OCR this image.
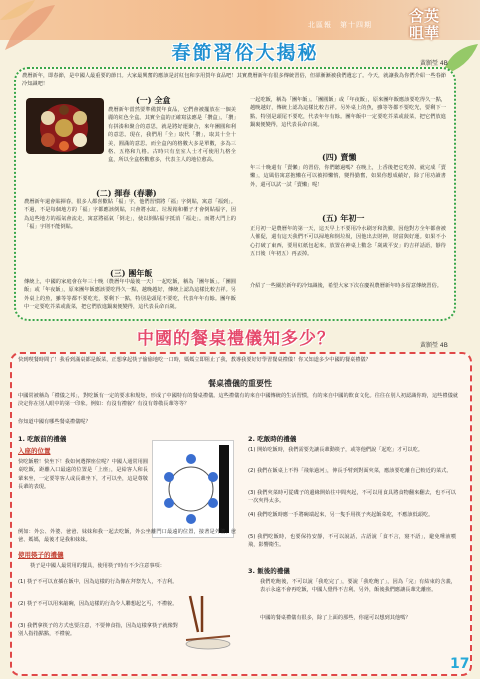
北區報　第十四期	含英
咀華
春節習俗大揭秘	黃顥瑩 4B

農曆新年，即春節，是中國人最重要的節日。大家最興奮的應該是討紅包和享用賀年食品吧！其實農曆新年有很多傳統習俗，但卻漸漸被我們遺忘了。今天，就讓我為你們介紹一些春節冷知識吧！

(一) 全盒

農曆新年當然要準備賀年食品，它們會被擺放在一個美麗的紅色全盒。其實全盒的正確寫法應是「攢盒」。「攢」有拼湊和聚合的意思，就是將好運聚合，來年團圓和利的意思。現在，我們用「全」取代「攢」，取其十全十美，圓滿的意思。而全盒內的格數大多是單數，多為三格、五格和九格。古時只有皇室人士才可使用九格全盒，所以全盒格數愈多，代表主人的地位愈高。

(二) 揮春 (春聯)

農曆新年還會貼揮春，很多人都喜歡貼「福」字，他們習慣將「福」字倒貼，寓意「福到」。不過，不是每個地方的「福」字都應該倒貼，只會將水缸、垃圾箱和櫃子才會倒貼福字，因為這些地方的福氣會流走，寓意將福氣「倒走」，使以倒貼福字抵消「福走」。而將大門上的「福」字則不能倒貼。

(三) 團年飯

傳統上，中國的家庭會在年三十晚（農曆年中最後一天）一起吃飯，稱為「團年飯」。「團圓飯」或「年夜飯」，原來團年飯應該要吃得久一點，越晚越好，傳統上認為這樣比較吉祥。另外桌上的魚，雖等等都不要吃光，要剩下一點，特別是頭尾不要吃，代表年年有餘。團年飯中一定要吃芥菜或菠菜，把它們放進鍋裏便變得，這代表長命百歲。

一起吃飯，稱為「團年飯」。「團圓飯」或「年夜飯」，原來團年飯應該要吃得久一點，越晚越好，傳統上認為這樣比較吉祥。另外桌上的魚，雖等等都不要吃光，要剩下一點，特別是頭尾不要吃，代表年年有餘。團年飯中一定要吃芥菜或菠菜，把它們放進鍋裏便變得，這代表長命百歲。

(四) 賣懶

年三十晚還有「賣懶」的習俗，你們聽過嗎？在晚上，上香後把它吃掉，就完成「賣懶」，這風俗寓意抱懶在可以被掉懶惰，變得勤奮，如果你想成績好，除了用功讀書外，還可以試一試「賣懶」呢！

(五) 年初一

正月初一是農曆年的第一天，這天早上不要用冷水刷牙和洗臉，因他對方全年都會被人催促，還有這天我們不可以掃地和倒垃圾，因他出去財神，財富與好運。如果不小心打破了東西，要用紅紙包起來，放置在神桌上數念「歲歲平安」的吉祥話語，靜待五日後（年初五）再丟掉。

介紹了一些關於新年的冷知識後，希望大家下次在慶祝農曆新年時多留意傳統習俗。

中國的餐桌禮儀知多少？	黃顥瑩 4B

快到喫餐時間了！我看到滿桌都是飯菜，正想拿起筷子偷偷地吃一口時，媽媽立即阻止了我，教導我要好好學習餐桌禮儀！你又知道多少中國的餐桌禮儀？

餐桌禮儀的重要性

中國常被稱為「禮儀之邦」，對吃飯有一定的要求和規矩，形成了中國特有的餐桌禮儀。這些禮儀有的來自中國傳統的生活習慣，有的來自中國的飲食文化。往往在別人初認識你時，這些禮儀就決定你在別人眼中的第一印象。例如：有沒有禮貌？有沒有尊敬長輩等等？

你知道中國有哪些餐桌禮儀呢？

1. 吃飯前的禮儀
入座的位置

快吃飯啦！快坐下！我如何選擇座位呢？中國人通常用圓桌吃飯，距離入口最遠的位置是「上座」，是給客人和長輩來坐，一定要等客人或長輩坐下，才可以坐，這是尊敬長輩的表現。

例如：外公、外婆、爸爸、妹妹和我一起去吃飯，外公坐離門口最遠的位置，接著是外婆、爸爸、媽媽，最後才是我和妹妹。

使用筷子的禮儀

筷子是中國人最常用的餐具，使用筷子時有不少注意事項：

(1) 筷子不可以直插在飯中，因為這樣的行為像在拜祭先人，不吉利。

(2) 筷子不可以用來敲碗，因為這樣的行為令人聯想起乞丐，不禮貌。

(3) 我們拿筷子的方式也要注意，不要伸食指，因為這樣拿筷子就像對別人指指點點，不禮貌。

2. 吃飯時的禮儀

(1) 開始吃飯時，我們需要先讓長輩動筷子，或等他們說「起吃」才可以吃。

(2) 我們在飯桌上不得「飛象過河」，伸長手臂到對面夾菜，應該要吃離自己較近的菜式。

(3) 我們夾菜時可從碟子的邊緣開始往中間夾起，不可以用食具將食物翻來翻去，也不可以一次夾得太多。

(4) 我們吃飯時應一手將碗端起來，另一隻手用筷子夾起飯菜吃，不應該低頭吃。

(5) 我們吃飯時，也要保持安靜，不可以說話，古語說「食不言，寢不語」，避免唾液噴飛，影響衛生。

3. 飯後的禮儀

我們吃飽後，不可以說「我吃完了」，要說「我吃飽了」，因為「完」有結束的含義，表示永遠不會再吃飯，中國人覺得不吉利。另外，飯後我們應讓長輩先離座。

中國的餐桌禮儀有很多，除了上面的那些，你還可以想到其他嗎？

17
